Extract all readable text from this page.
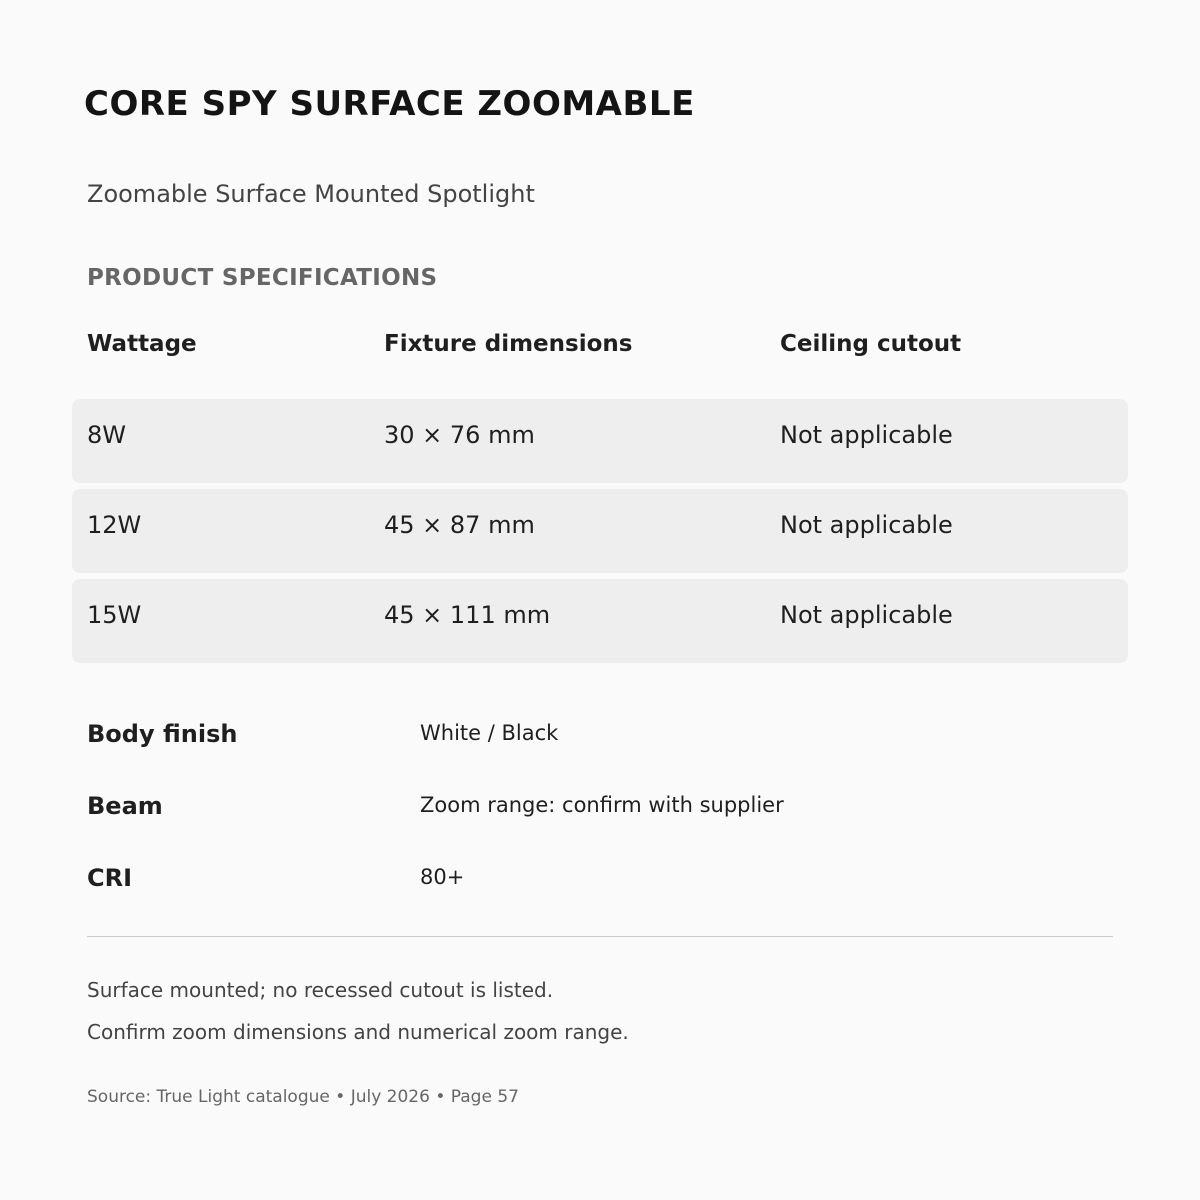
CORE SPY SURFACE ZOOMABLE
Zoomable Surface Mounted Spotlight
PRODUCT SPECIFICATIONS
Wattage	Fixture dimensions	Ceiling cutout
8W	30 × 76 mm	Not applicable
12W	45 × 87 mm	Not applicable
15W	45 × 111 mm	Not applicable
Body finish	White / Black
Beam	Zoom range: confirm with supplier
CRI	80+
Surface mounted; no recessed cutout is listed.
Confirm zoom dimensions and numerical zoom range.
Source: True Light catalogue • July 2026 • Page 57
